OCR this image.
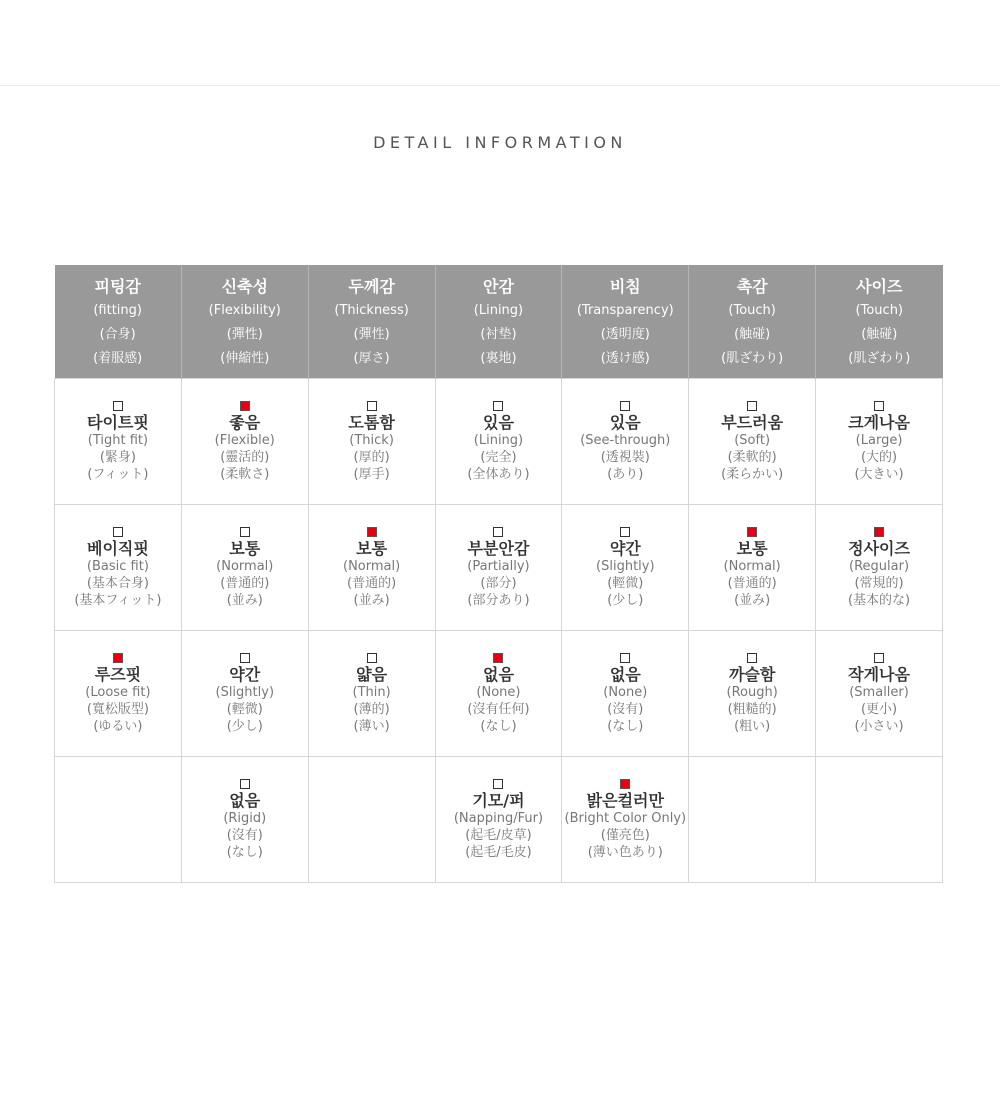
DETAIL INFORMATION
피팅감
(fitting)
(合身)
(着服感)	신축성
(Flexibility)
(彈性)
(伸縮性)	두께감
(Thickness)
(彈性)
(厚さ)	안감
(Lining)
(衬垫)
(裏地)	비침
(Transparency)
(透明度)
(透け感)	촉감
(Touch)
(触碰)
(肌ざわり)	사이즈
(Touch)
(触碰)
(肌ざわり)

타이트핏
(Tight fit)
(緊身)
(フィット)	좋음
(Flexible)
(靈活的)
(柔軟さ)	도톰함
(Thick)
(厚的)
(厚手)	있음
(Lining)
(完全)
(全体あり)	있음
(See-through)
(透視裝)
(あり)	부드러움
(Soft)
(柔軟的)
(柔らかい)	크게나옴
(Large)
(大的)
(大きい)

베이직핏
(Basic fit)
(基本合身)
(基本フィット)	보통
(Normal)
(普通的)
(並み)	보통
(Normal)
(普通的)
(並み)	부분안감
(Partially)
(部分)
(部分あり)	약간
(Slightly)
(輕微)
(少し)	보통
(Normal)
(普通的)
(並み)	정사이즈
(Regular)
(常規的)
(基本的な)

루즈핏
(Loose fit)
(寬松版型)
(ゆるい)	약간
(Slightly)
(輕微)
(少し)	얇음
(Thin)
(薄的)
(薄い)	없음
(None)
(沒有任何)
(なし)	없음
(None)
(沒有)
(なし)	까슬함
(Rough)
(粗糙的)
(粗い)	작게나옴
(Smaller)
(更小)
(小さい)

	없음
(Rigid)
(沒有)
(なし)		기모/퍼
(Napping/Fur)
(起毛/皮草)
(起毛/毛皮)	밝은컬러만
(Bright Color Only)
(僅亮色)
(薄い色あり)		
